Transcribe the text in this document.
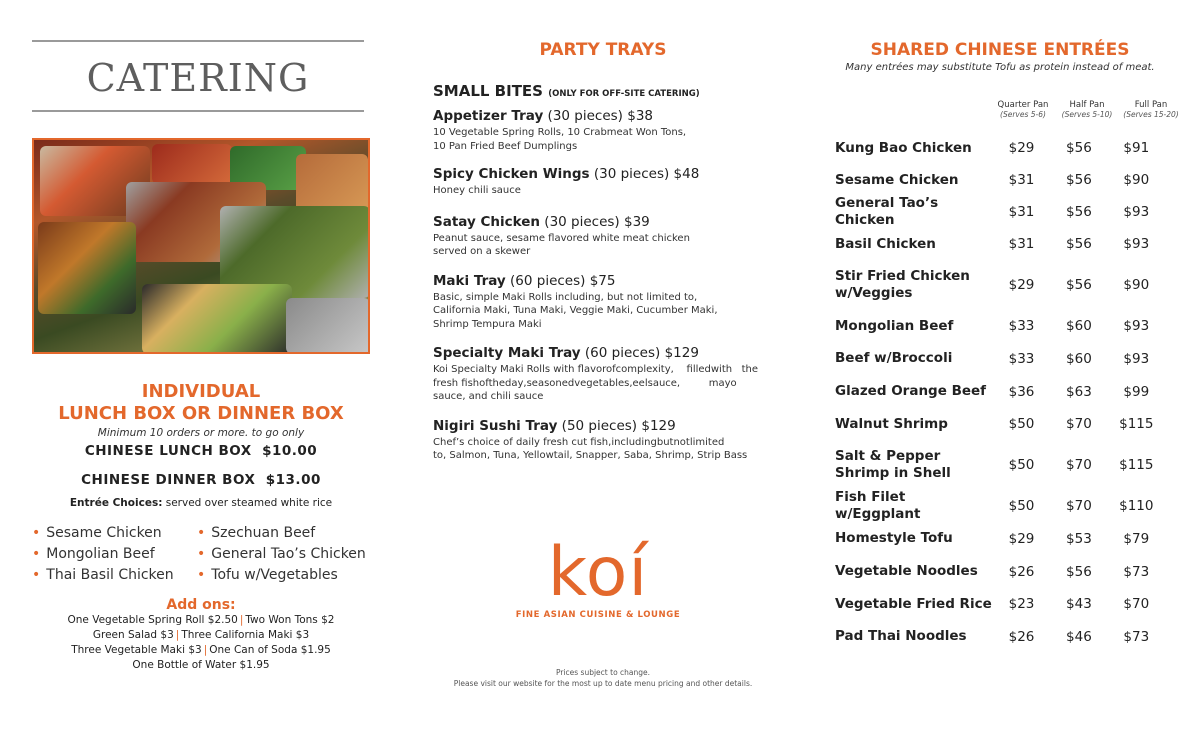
CATERING
INDIVIDUAL
LUNCH BOX OR DINNER BOX
Minimum 10 orders or more. to go only
CHINESE LUNCH BOX  $10.00
CHINESE DINNER BOX  $13.00
Entrée Choices: served over steamed white rice
• Sesame Chicken	• Szechuan Beef
• Mongolian Beef	• General Tao’s Chicken
• Thai Basil Chicken	• Tofu w/Vegetables
Add ons:
One Vegetable Spring Roll $2.50 | Two Won Tons $2
Green Salad $3 | Three California Maki $3
Three Vegetable Maki $3 | One Can of Soda $1.95
One Bottle of Water $1.95
PARTY TRAYS
SMALL BITES (ONLY FOR OFF-SITE CATERING)
Appetizer Tray (30 pieces) $38
10 Vegetable Spring Rolls, 10 Crabmeat Won Tons,
10 Pan Fried Beef Dumplings
Spicy Chicken Wings (30 pieces) $48
Honey chili sauce
Satay Chicken (30 pieces) $39
Peanut sauce, sesame flavored white meat chicken
served on a skewer
Maki Tray (60 pieces) $75
Basic, simple Maki Rolls including, but not limited to,
California Maki, Tuna Maki, Veggie Maki, Cucumber Maki,
Shrimp Tempura Maki
Specialty Maki Tray (60 pieces) $129
Koi Specialty Maki Rolls with flavorofcomplexity,    filledwith   the
fresh fishoftheday,seasonedvegetables,eelsauce,         mayo
sauce, and chili sauce
Nigiri Sushi Tray (50 pieces) $129
Chef’s choice of daily fresh cut fish,includingbutnotlimited
to, Salmon, Tuna, Yellowtail, Snapper, Saba, Shrimp, Strip Bass
koí
FINE ASIAN CUISINE & LOUNGE
Prices subject to change.
Please visit our website for the most up to date menu pricing and other details.
SHARED CHINESE ENTRÉES
Many entrées may substitute Tofu as protein instead of meat.
Quarter Pan
(Serves 5-6)
Half Pan
(Serves 5-10)
Full Pan
(Serves 15-20)
Kung Bao Chicken	$29	$56	$91
Sesame Chicken	$31	$56	$90
General Tao’s Chicken	$31	$56	$93
Basil Chicken	$31	$56	$93
Stir Fried Chicken w/Veggies	$29	$56	$90
Mongolian Beef	$33	$60	$93
Beef w/Broccoli	$33	$60	$93
Glazed Orange Beef	$36	$63	$99
Walnut Shrimp	$50	$70	$115
Salt & Pepper Shrimp in Shell	$50	$70	$115
Fish Filet w/Eggplant	$50	$70	$110
Homestyle Tofu	$29	$53	$79
Vegetable Noodles	$26	$56	$73
Vegetable Fried Rice	$23	$43	$70
Pad Thai Noodles	$26	$46	$73
